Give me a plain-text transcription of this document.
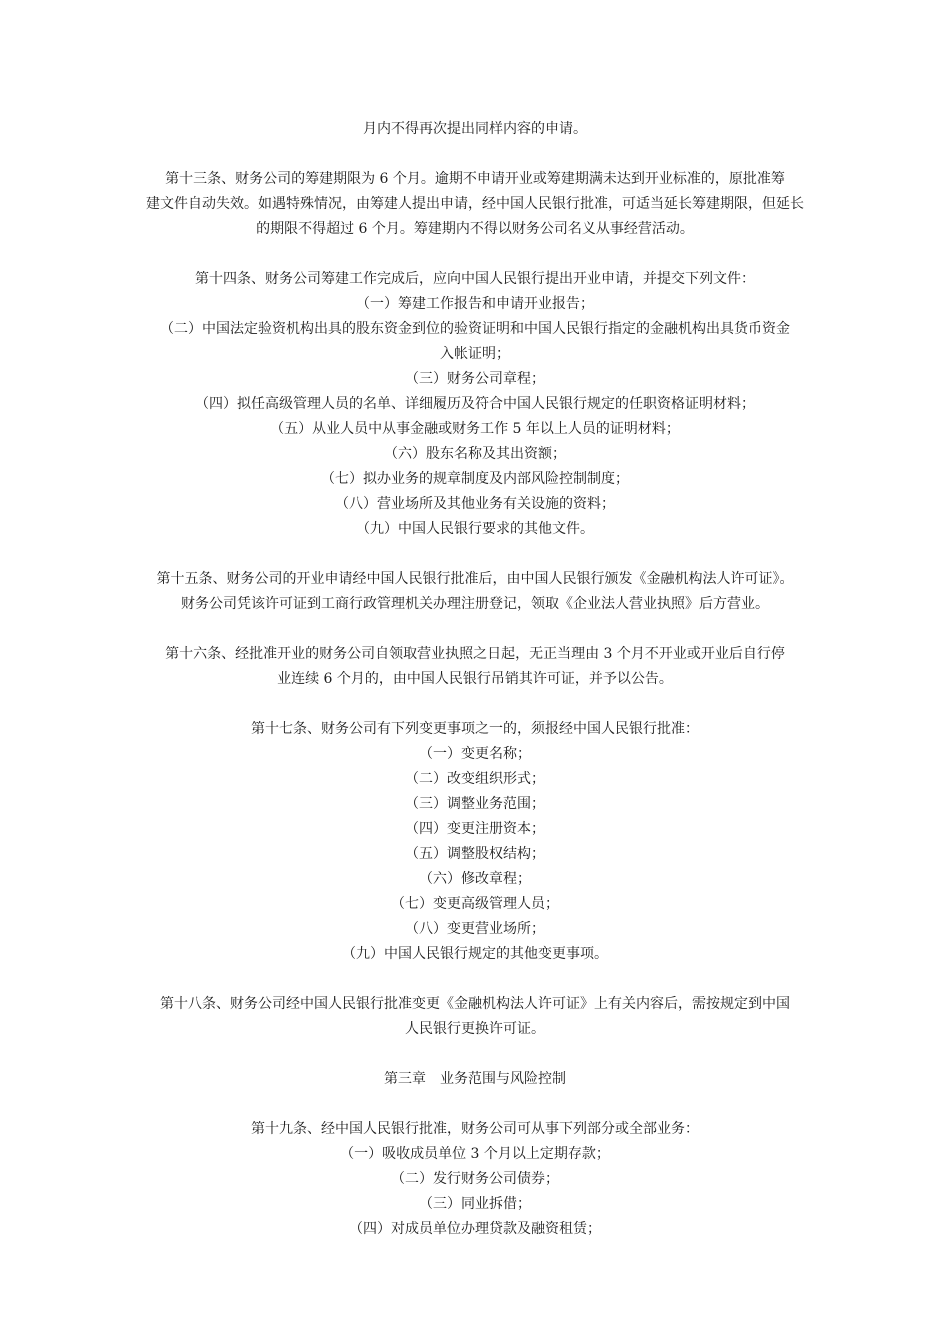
月内不得再次提出同样内容的申请。
第十三条、财务公司的筹建期限为 6 个月。逾期不申请开业或筹建期满未达到开业标准的，原批准筹
建文件自动失效。如遇特殊情况，由筹建人提出申请，经中国人民银行批准，可适当延长筹建期限，但延长
的期限不得超过 6 个月。筹建期内不得以财务公司名义从事经营活动。
第十四条、财务公司筹建工作完成后，应向中国人民银行提出开业申请，并提交下列文件：
（一）筹建工作报告和申请开业报告；
（二）中国法定验资机构出具的股东资金到位的验资证明和中国人民银行指定的金融机构出具货币资金
入帐证明；
（三）财务公司章程；
（四）拟任高级管理人员的名单、详细履历及符合中国人民银行规定的任职资格证明材料；
（五）从业人员中从事金融或财务工作 5 年以上人员的证明材料；
（六）股东名称及其出资额；
（七）拟办业务的规章制度及内部风险控制制度；
（八）营业场所及其他业务有关设施的资料；
（九）中国人民银行要求的其他文件。
第十五条、财务公司的开业申请经中国人民银行批准后，由中国人民银行颁发《金融机构法人许可证》。
财务公司凭该许可证到工商行政管理机关办理注册登记，领取《企业法人营业执照》后方营业。
第十六条、经批准开业的财务公司自领取营业执照之日起，无正当理由 3 个月不开业或开业后自行停
业连续 6 个月的，由中国人民银行吊销其许可证，并予以公告。
第十七条、财务公司有下列变更事项之一的，须报经中国人民银行批准：
（一）变更名称；
（二）改变组织形式；
（三）调整业务范围；
（四）变更注册资本；
（五）调整股权结构；
（六）修改章程；
（七）变更高级管理人员；
（八）变更营业场所；
（九）中国人民银行规定的其他变更事项。
第十八条、财务公司经中国人民银行批准变更《金融机构法人许可证》上有关内容后，需按规定到中国
人民银行更换许可证。
第三章　业务范围与风险控制
第十九条、经中国人民银行批准，财务公司可从事下列部分或全部业务：
（一）吸收成员单位 3 个月以上定期存款；
（二）发行财务公司债券；
（三）同业拆借；
（四）对成员单位办理贷款及融资租赁；
